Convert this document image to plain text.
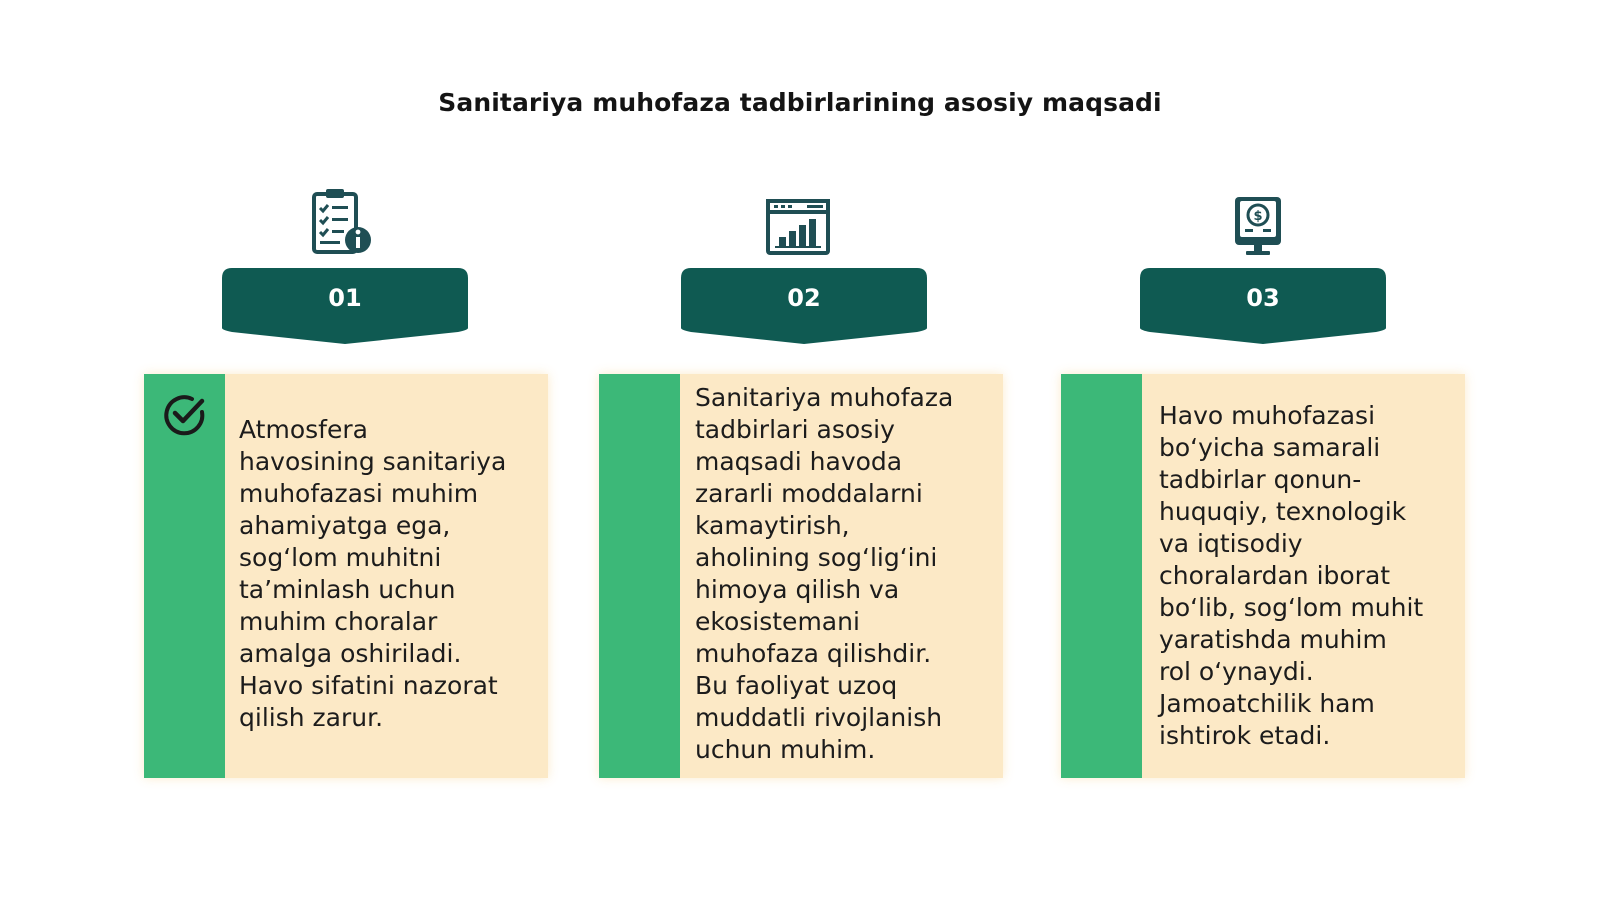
Sanitariya muhofaza tadbirlarining asosiy maqsadi
01
Atmosfera
havosining sanitariya
muhofazasi muhim
ahamiyatga ega,
sog‘lom muhitni
ta’minlash uchun
muhim choralar
amalga oshiriladi.
Havo sifatini nazorat
qilish zarur.
02
Sanitariya muhofaza
tadbirlari asosiy
maqsadi havoda
zararli moddalarni
kamaytirish,
aholining sog‘lig‘ini
himoya qilish va
ekosistemani
muhofaza qilishdir.
Bu faoliyat uzoq
muddatli rivojlanish
uchun muhim.
$
03
Havo muhofazasi
bo‘yicha samarali
tadbirlar qonun-
huquqiy, texnologik
va iqtisodiy
choralardan iborat
bo‘lib, sog‘lom muhit
yaratishda muhim
rol o‘ynaydi.
Jamoatchilik ham
ishtirok etadi.
